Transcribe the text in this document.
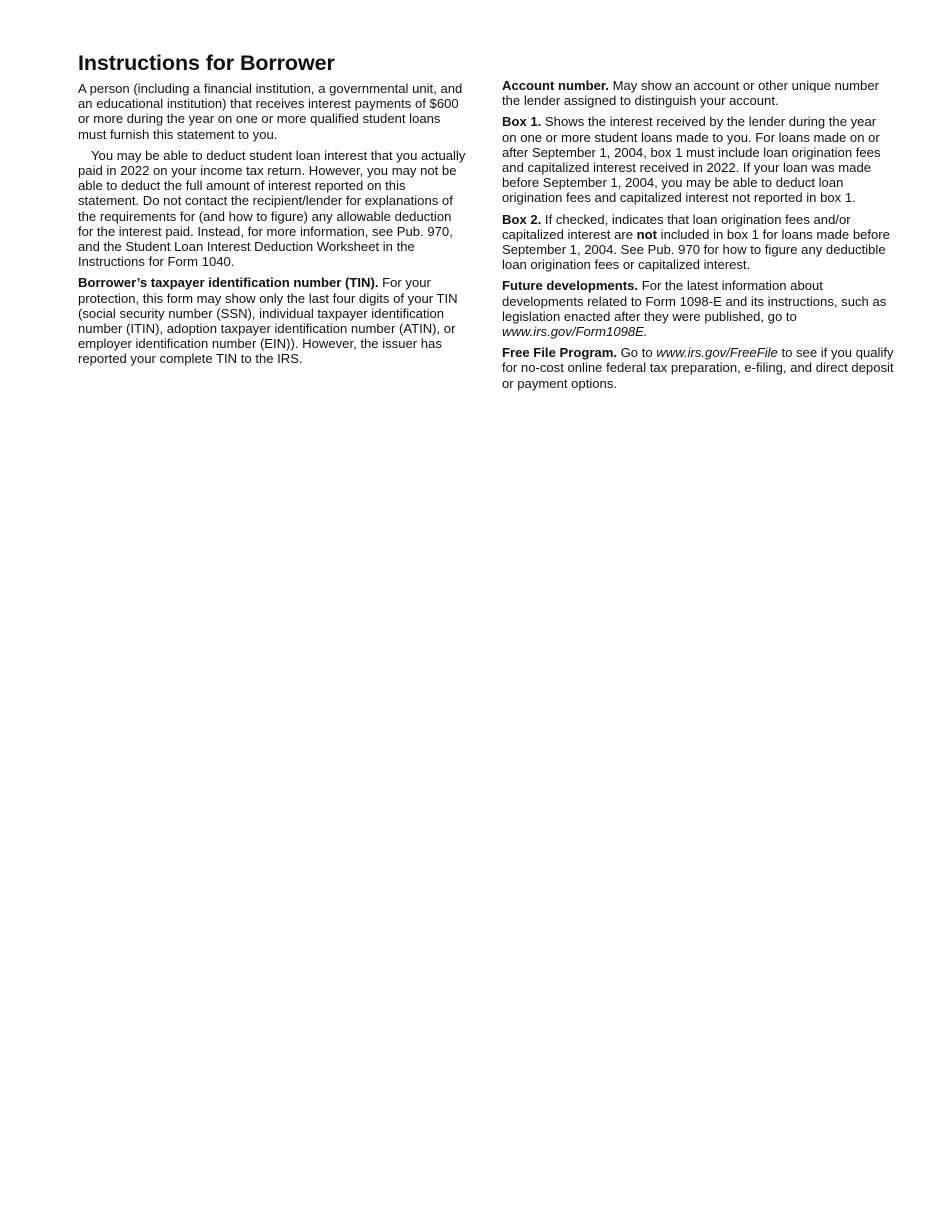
Instructions for Borrower

A person (including a financial institution, a governmental unit, and an educational institution) that receives interest payments of $600 or more during the year on one or more qualified student loans must furnish this statement to you.

You may be able to deduct student loan interest that you actually paid in 2022 on your income tax return. However, you may not be able to deduct the full amount of interest reported on this statement. Do not contact the recipient/lender for explanations of the requirements for (and how to figure) any allowable deduction for the interest paid. Instead, for more information, see Pub. 970, and the Student Loan Interest Deduction Worksheet in the Instructions for Form 1040.

Borrower’s taxpayer identification number (TIN). For your protection, this form may show only the last four digits of your TIN (social security number (SSN), individual taxpayer identification number (ITIN), adoption taxpayer identification number (ATIN), or employer identification number (EIN)). However, the issuer has reported your complete TIN to the IRS.

Account number. May show an account or other unique number the lender assigned to distinguish your account.

Box 1. Shows the interest received by the lender during the year on one or more student loans made to you. For loans made on or after September 1, 2004, box 1 must include loan origination fees and capitalized interest received in 2022. If your loan was made before September 1, 2004, you may be able to deduct loan origination fees and capitalized interest not reported in box 1.

Box 2. If checked, indicates that loan origination fees and/or capitalized interest are not included in box 1 for loans made before September 1, 2004. See Pub. 970 for how to figure any deductible loan origination fees or capitalized interest.

Future developments. For the latest information about developments related to Form 1098-E and its instructions, such as legislation enacted after they were published, go to www.irs.gov/Form1098E.

Free File Program. Go to www.irs.gov/FreeFile to see if you qualify for no-cost online federal tax preparation, e-filing, and direct deposit or payment options.
